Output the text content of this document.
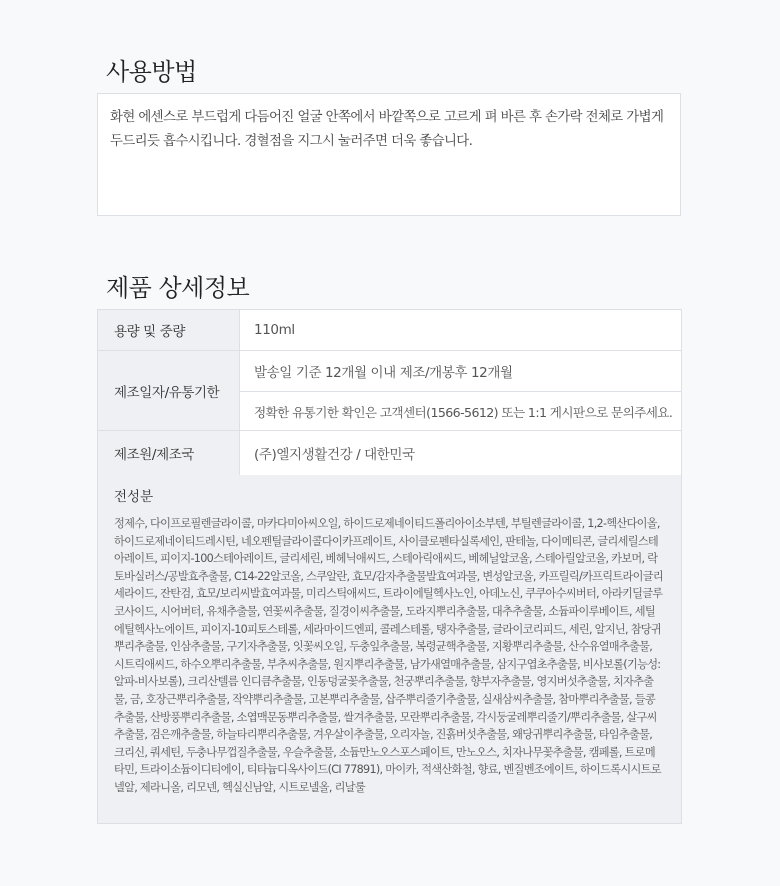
사용방법
화현 에센스로 부드럽게 다듬어진 얼굴 안쪽에서 바깥쪽으로 고르게 펴 바른 후 손가락 전체로 가볍게 두드리듯 흡수시킵니다. 경혈점을 지그시 눌러주면 더욱 좋습니다.
제품 상세정보
용량 및 중량	110ml
제조일자/유통기한	발송일 기준 12개월 이내 제조/개봉후 12개월
	정확한 유통기한 확인은 고객센터(1566-5612) 또는 1:1 게시판으로 문의주세요.
제조원/제조국	(주)엘지생활건강 / 대한민국
전성분

정제수, 다이프로필렌글라이콜, 마카다미아씨오일, 하이드로제네이티드폴리아이소부텐, 부틸렌글라이콜, 1,2-헥산다이올, 하이드로제네이티드레시틴, 네오펜틸글라이콜다이카프레이트, 사이클로펜타실록세인, 판테놀, 다이메티콘, 글리세릴스테아레이트, 피이지-100스테아레이트, 글리세린, 베헤닉애씨드, 스테아릭애씨드, 베헤닐알코올, 스테아릴알코올, 카보머, 락토바실러스/공발효추출물, C14-22알코올, 스쿠알란, 효모/감자추출물발효여과물, 변성알코올, 카프릴릭/카프릭트라이글리세라이드, 잔탄검, 효모/보리씨발효여과물, 미리스틱애씨드, 트라이에틸헥사노인, 아데노신, 쿠쿠아수씨버터, 아라키딜글루코사이드, 시어버터, 유채추출물, 연꽃씨추출물, 질경이씨추출물, 도라지뿌리추출물, 대추추출물, 소듐파이루베이트, 세틸에틸헥사노에이트, 피이지-10피토스테롤, 세라마이드엔피, 콜레스테롤, 탱자추출물, 글라이코리피드, 세린, 알지닌, 참당귀뿌리추출물, 인삼추출물, 구기자추출물, 잇꽃씨오일, 두충잎추출물, 복령균핵추출물, 지황뿌리추출물, 산수유열매추출물, 시트릭애씨드, 하수오뿌리추출물, 부추씨추출물, 원지뿌리추출물, 남가새열매추출물, 삼지구엽초추출물, 비사보롤(기능성: 알파-비사보롤), 크리산텔름 인디큼추출물, 인동덩굴꽃추출물, 천궁뿌리추출물, 향부자추출물, 영지버섯추출물, 치자추출물, 금, 호장근뿌리추출물, 작약뿌리추출물, 고본뿌리추출물, 삽주뿌리줄기추출물, 실새삼씨추출물, 참마뿌리추출물, 들콩추출물, 산방풍뿌리추출물, 소엽맥문동뿌리추출물, 쌀겨추출물, 모란뿌리추출물, 각시둥굴레뿌리줄기/뿌리추출물, 살구씨추출물, 검은깨추출물, 하늘타리뿌리추출물, 겨우살이추출물, 오리자놀, 진흙버섯추출물, 왜당귀뿌리추출물, 타임추출물, 크리신, 쿼세틴, 두충나무껍질추출물, 우슬추출물, 소듐만노오스포스페이트, 만노오스, 치자나무꽃추출물, 캠페롤, 트로메타민, 트라이소듐이디티에이, 티타늄디옥사이드(CI 77891), 마이카, 적색산화철, 향료, 벤질벤조에이트, 하이드록시시트로넬알, 제라니올, 리모넨, 헥실신남알, 시트로넬올, 리날룰
